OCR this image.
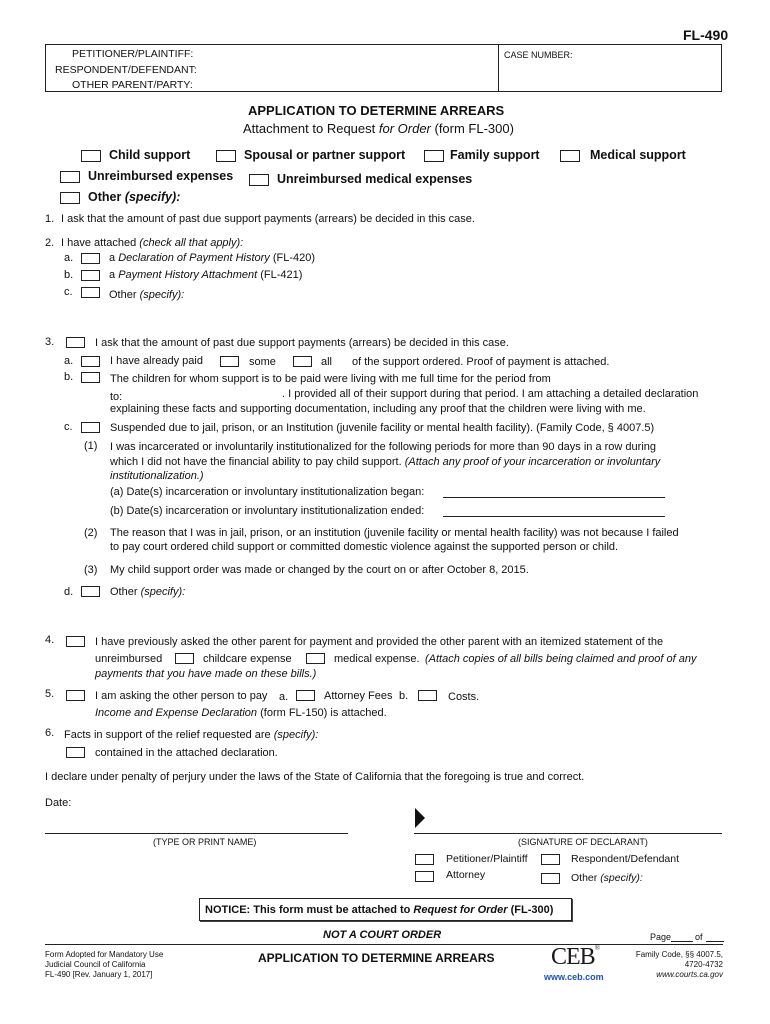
FL-490
PETITIONER/PLAINTIFF:
RESPONDENT/DEFENDANT:
OTHER PARENT/PARTY:
CASE NUMBER:
APPLICATION TO DETERMINE ARREARS
Attachment to Request for Order (form FL-300)
Child support	Spousal or partner support	Family support	Medical support
Unreimbursed expenses	Unreimbursed medical expenses
Other (specify):
1. I ask that the amount of past due support payments (arrears) be decided in this case.
2. I have attached (check all that apply):
a.	a Declaration of Payment History (FL-420)
b.	a Payment History Attachment (FL-421)
c.	Other (specify):
3.	I ask that the amount of past due support payments (arrears) be decided in this case.
a.	I have already paid	some	all of the support ordered. Proof of payment is attached.
b.	The children for whom support is to be paid were living with me full time for the period from
to:	. I provided all of their support during that period. I am attaching a detailed declaration
explaining these facts and supporting documentation, including any proof that the children were living with me.
c.	Suspended due to jail, prison, or an Institution (juvenile facility or mental health facility). (Family Code, § 4007.5)
(1) I was incarcerated or involuntarily institutionalized for the following periods for more than 90 days in a row during
which I did not have the financial ability to pay child support. (Attach any proof of your incarceration or involuntary
institutionalization.)
(a) Date(s) incarceration or involuntary institutionalization began:
(b) Date(s) incarceration or involuntary institutionalization ended:
(2) The reason that I was in jail, prison, or an institution (juvenile facility or mental health facility) was not because I failed
to pay court ordered child support or committed domestic violence against the supported person or child.
(3) My child support order was made or changed by the court on or after October 8, 2015.
d.	Other (specify):
4.	I have previously asked the other parent for payment and provided the other parent with an itemized statement of the
unreimbursed	childcare expense	medical expense. (Attach copies of all bills being claimed and proof of any
payments that you have made on these bills.)
5.	I am asking the other person to pay a.	Attorney Fees b.	Costs.
Income and Expense Declaration (form FL-150) is attached.
6. Facts in support of the relief requested are (specify):
contained in the attached declaration.
I declare under penalty of perjury under the laws of the State of California that the foregoing is true and correct.
Date:
(TYPE OR PRINT NAME)	(SIGNATURE OF DECLARANT)
Petitioner/Plaintiff	Respondent/Defendant
Attorney	Other (specify):
NOTICE: This form must be attached to Request for Order (FL-300)
NOT A COURT ORDER	Page	of
Form Adopted for Mandatory Use
Judicial Council of California
FL-490 [Rev. January 1, 2017]
APPLICATION TO DETERMINE ARREARS CEB®
www.ceb.com
Family Code, §§ 4007.5,
4720-4732
www.courts.ca.gov
